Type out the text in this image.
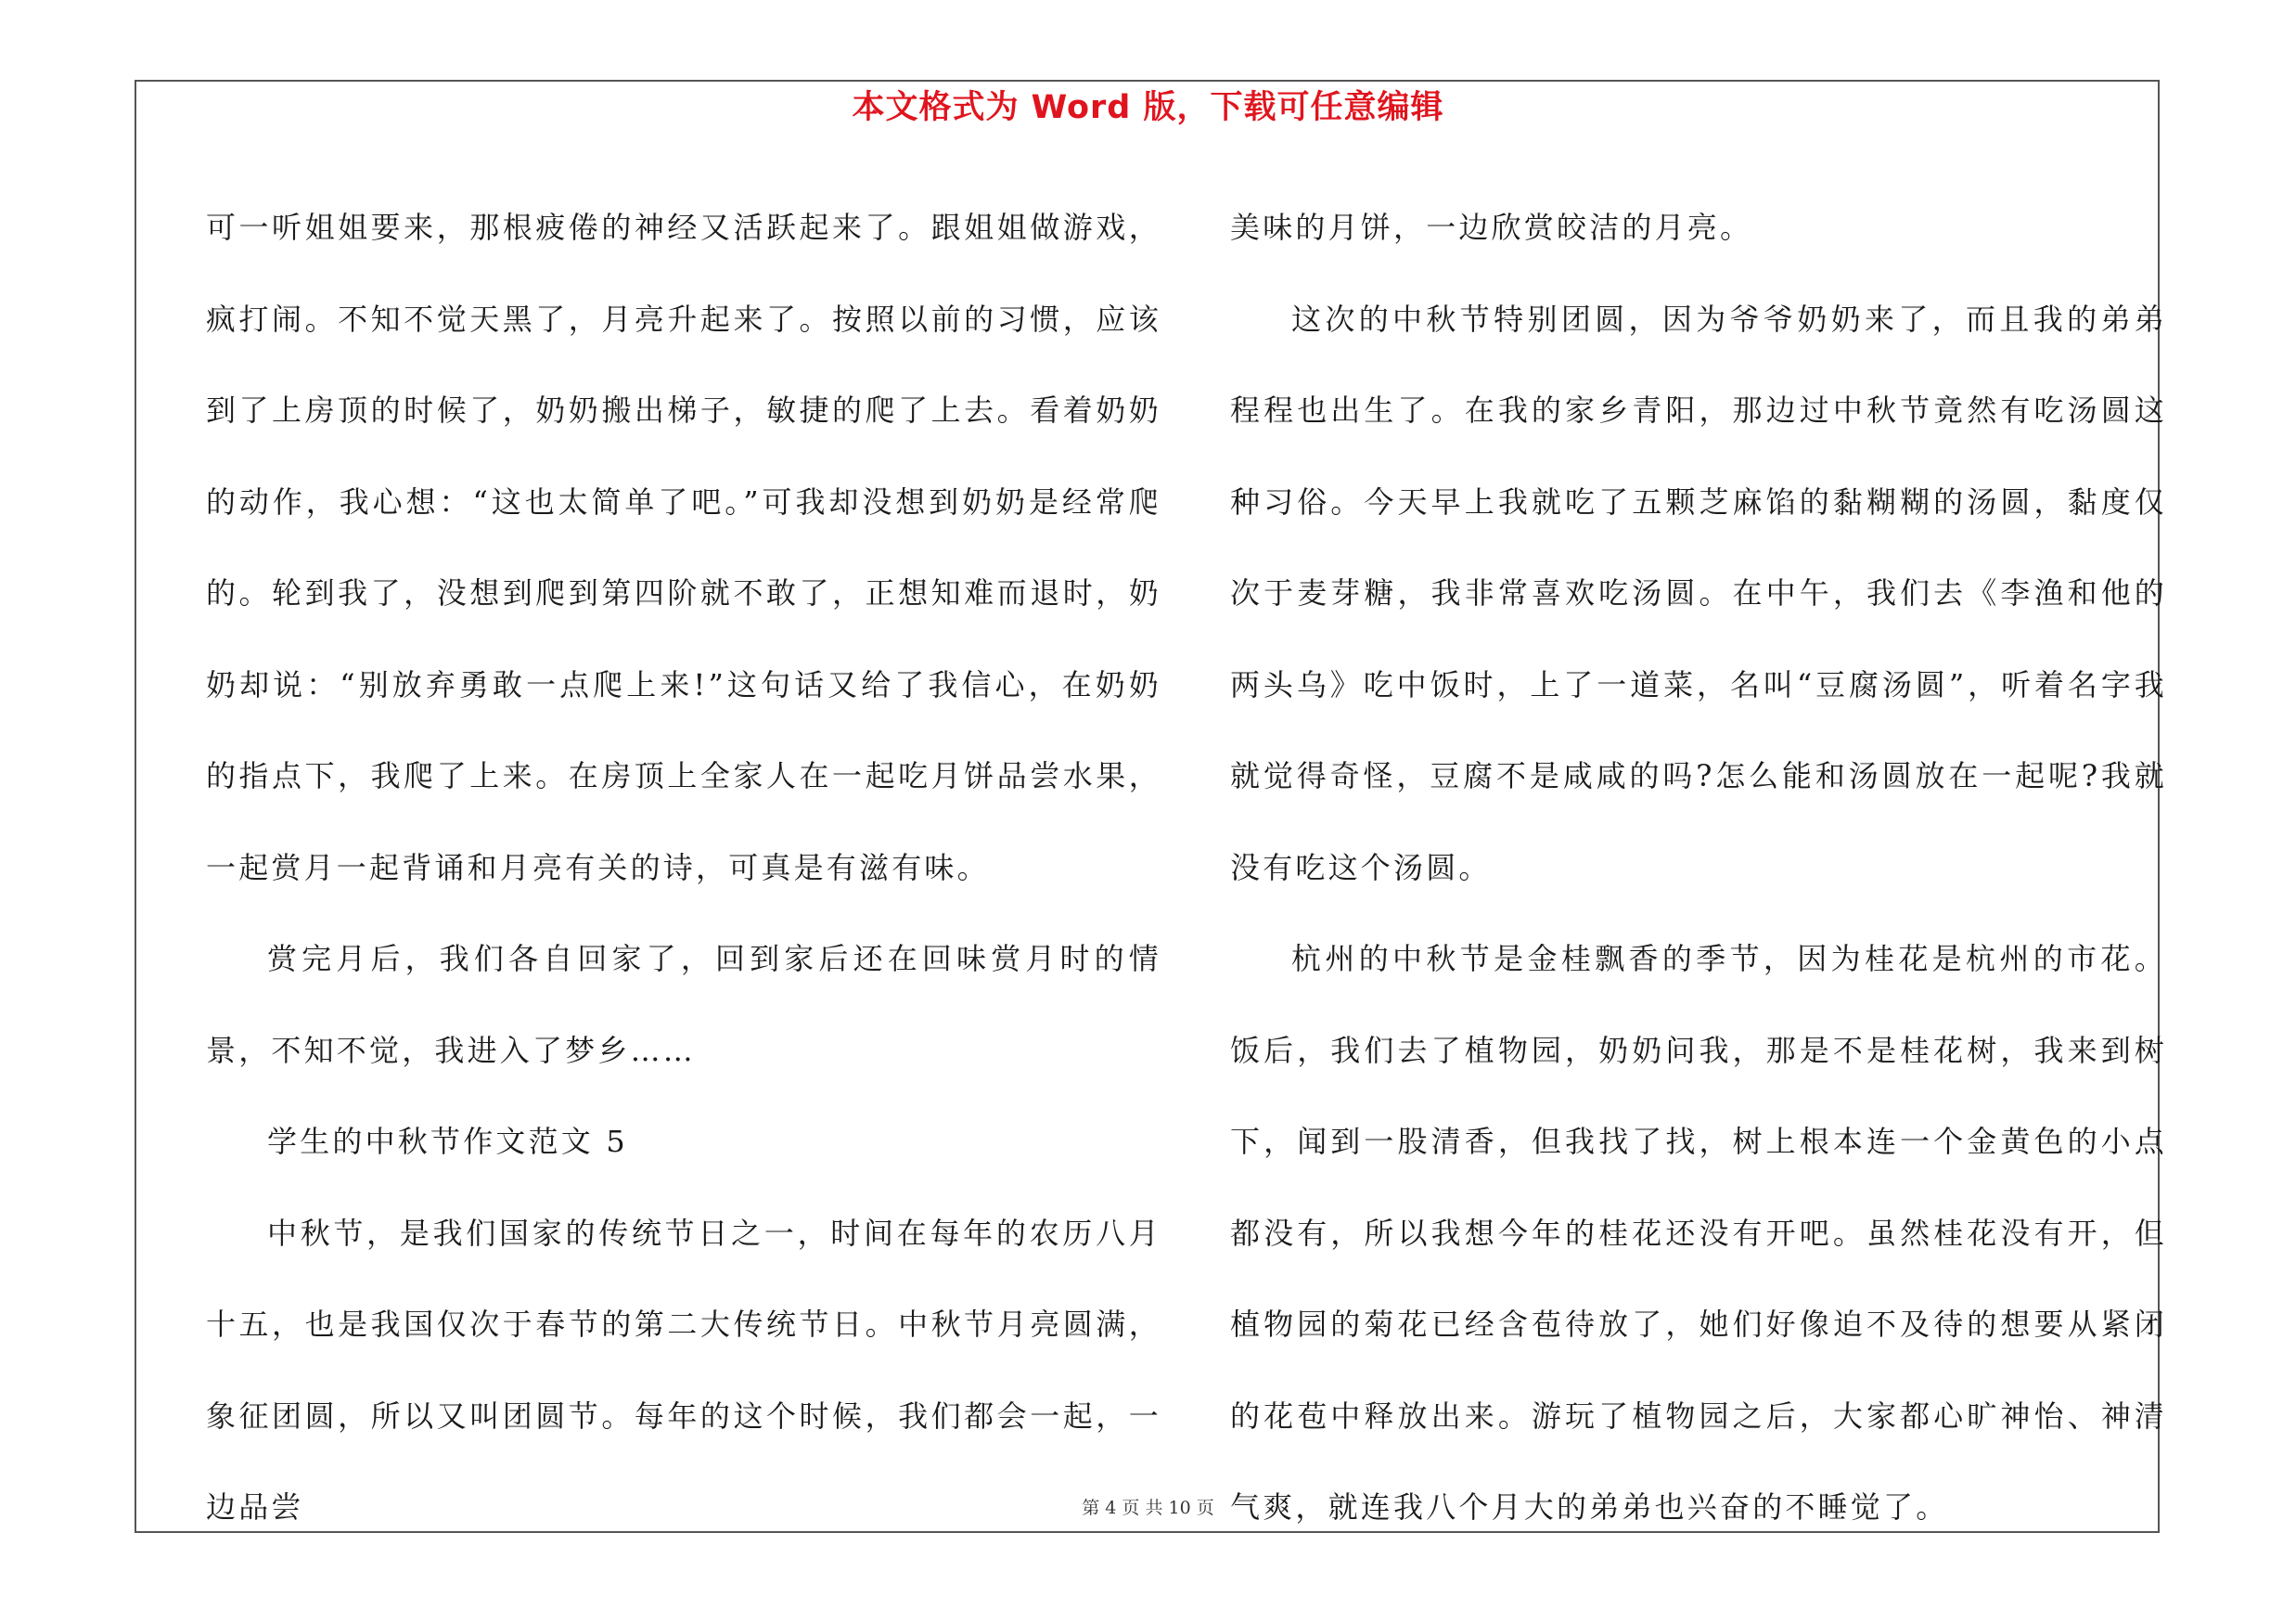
本文格式为 Word 版，下载可任意编辑

可一听姐姐要来，那根疲倦的神经又活跃起来了。跟姐姐做游戏，疯打闹。不知不觉天黑了，月亮升起来了。按照以前的习惯，应该到了上房顶的时候了，奶奶搬出梯子，敏捷的爬了上去。看着奶奶的动作，我心想：“这也太简单了吧。”可我却没想到奶奶是经常爬的。轮到我了，没想到爬到第四阶就不敢了，正想知难而退时，奶奶却说：“别放弃勇敢一点爬上来!”这句话又给了我信心，在奶奶的指点下，我爬了上来。在房顶上全家人在一起吃月饼品尝水果，一起赏月一起背诵和月亮有关的诗，可真是有滋有味。

赏完月后，我们各自回家了，回到家后还在回味赏月时的情景，不知不觉，我进入了梦乡……

学生的中秋节作文范文 5

中秋节，是我们国家的传统节日之一，时间在每年的农历八月十五，也是我国仅次于春节的第二大传统节日。中秋节月亮圆满，象征团圆，所以又叫团圆节。每年的这个时候，我们都会一起，一边品尝

美味的月饼，一边欣赏皎洁的月亮。

这次的中秋节特别团圆，因为爷爷奶奶来了，而且我的弟弟程程也出生了。在我的家乡青阳，那边过中秋节竟然有吃汤圆这种习俗。今天早上我就吃了五颗芝麻馅的黏糊糊的汤圆，黏度仅次于麦芽糖，我非常喜欢吃汤圆。在中午，我们去《李渔和他的两头乌》吃中饭时，上了一道菜，名叫“豆腐汤圆”，听着名字我就觉得奇怪，豆腐不是咸咸的吗?怎么能和汤圆放在一起呢?我就没有吃这个汤圆。

杭州的中秋节是金桂飘香的季节，因为桂花是杭州的市花。饭后，我们去了植物园，奶奶问我，那是不是桂花树，我来到树下，闻到一股清香，但我找了找，树上根本连一个金黄色的小点都没有，所以我想今年的桂花还没有开吧。虽然桂花没有开，但植物园的菊花已经含苞待放了，她们好像迫不及待的想要从紧闭的花苞中释放出来。游玩了植物园之后，大家都心旷神怡、神清气爽，就连我八个月大的弟弟也兴奋的不睡觉了。

第 4 页 共 10 页
